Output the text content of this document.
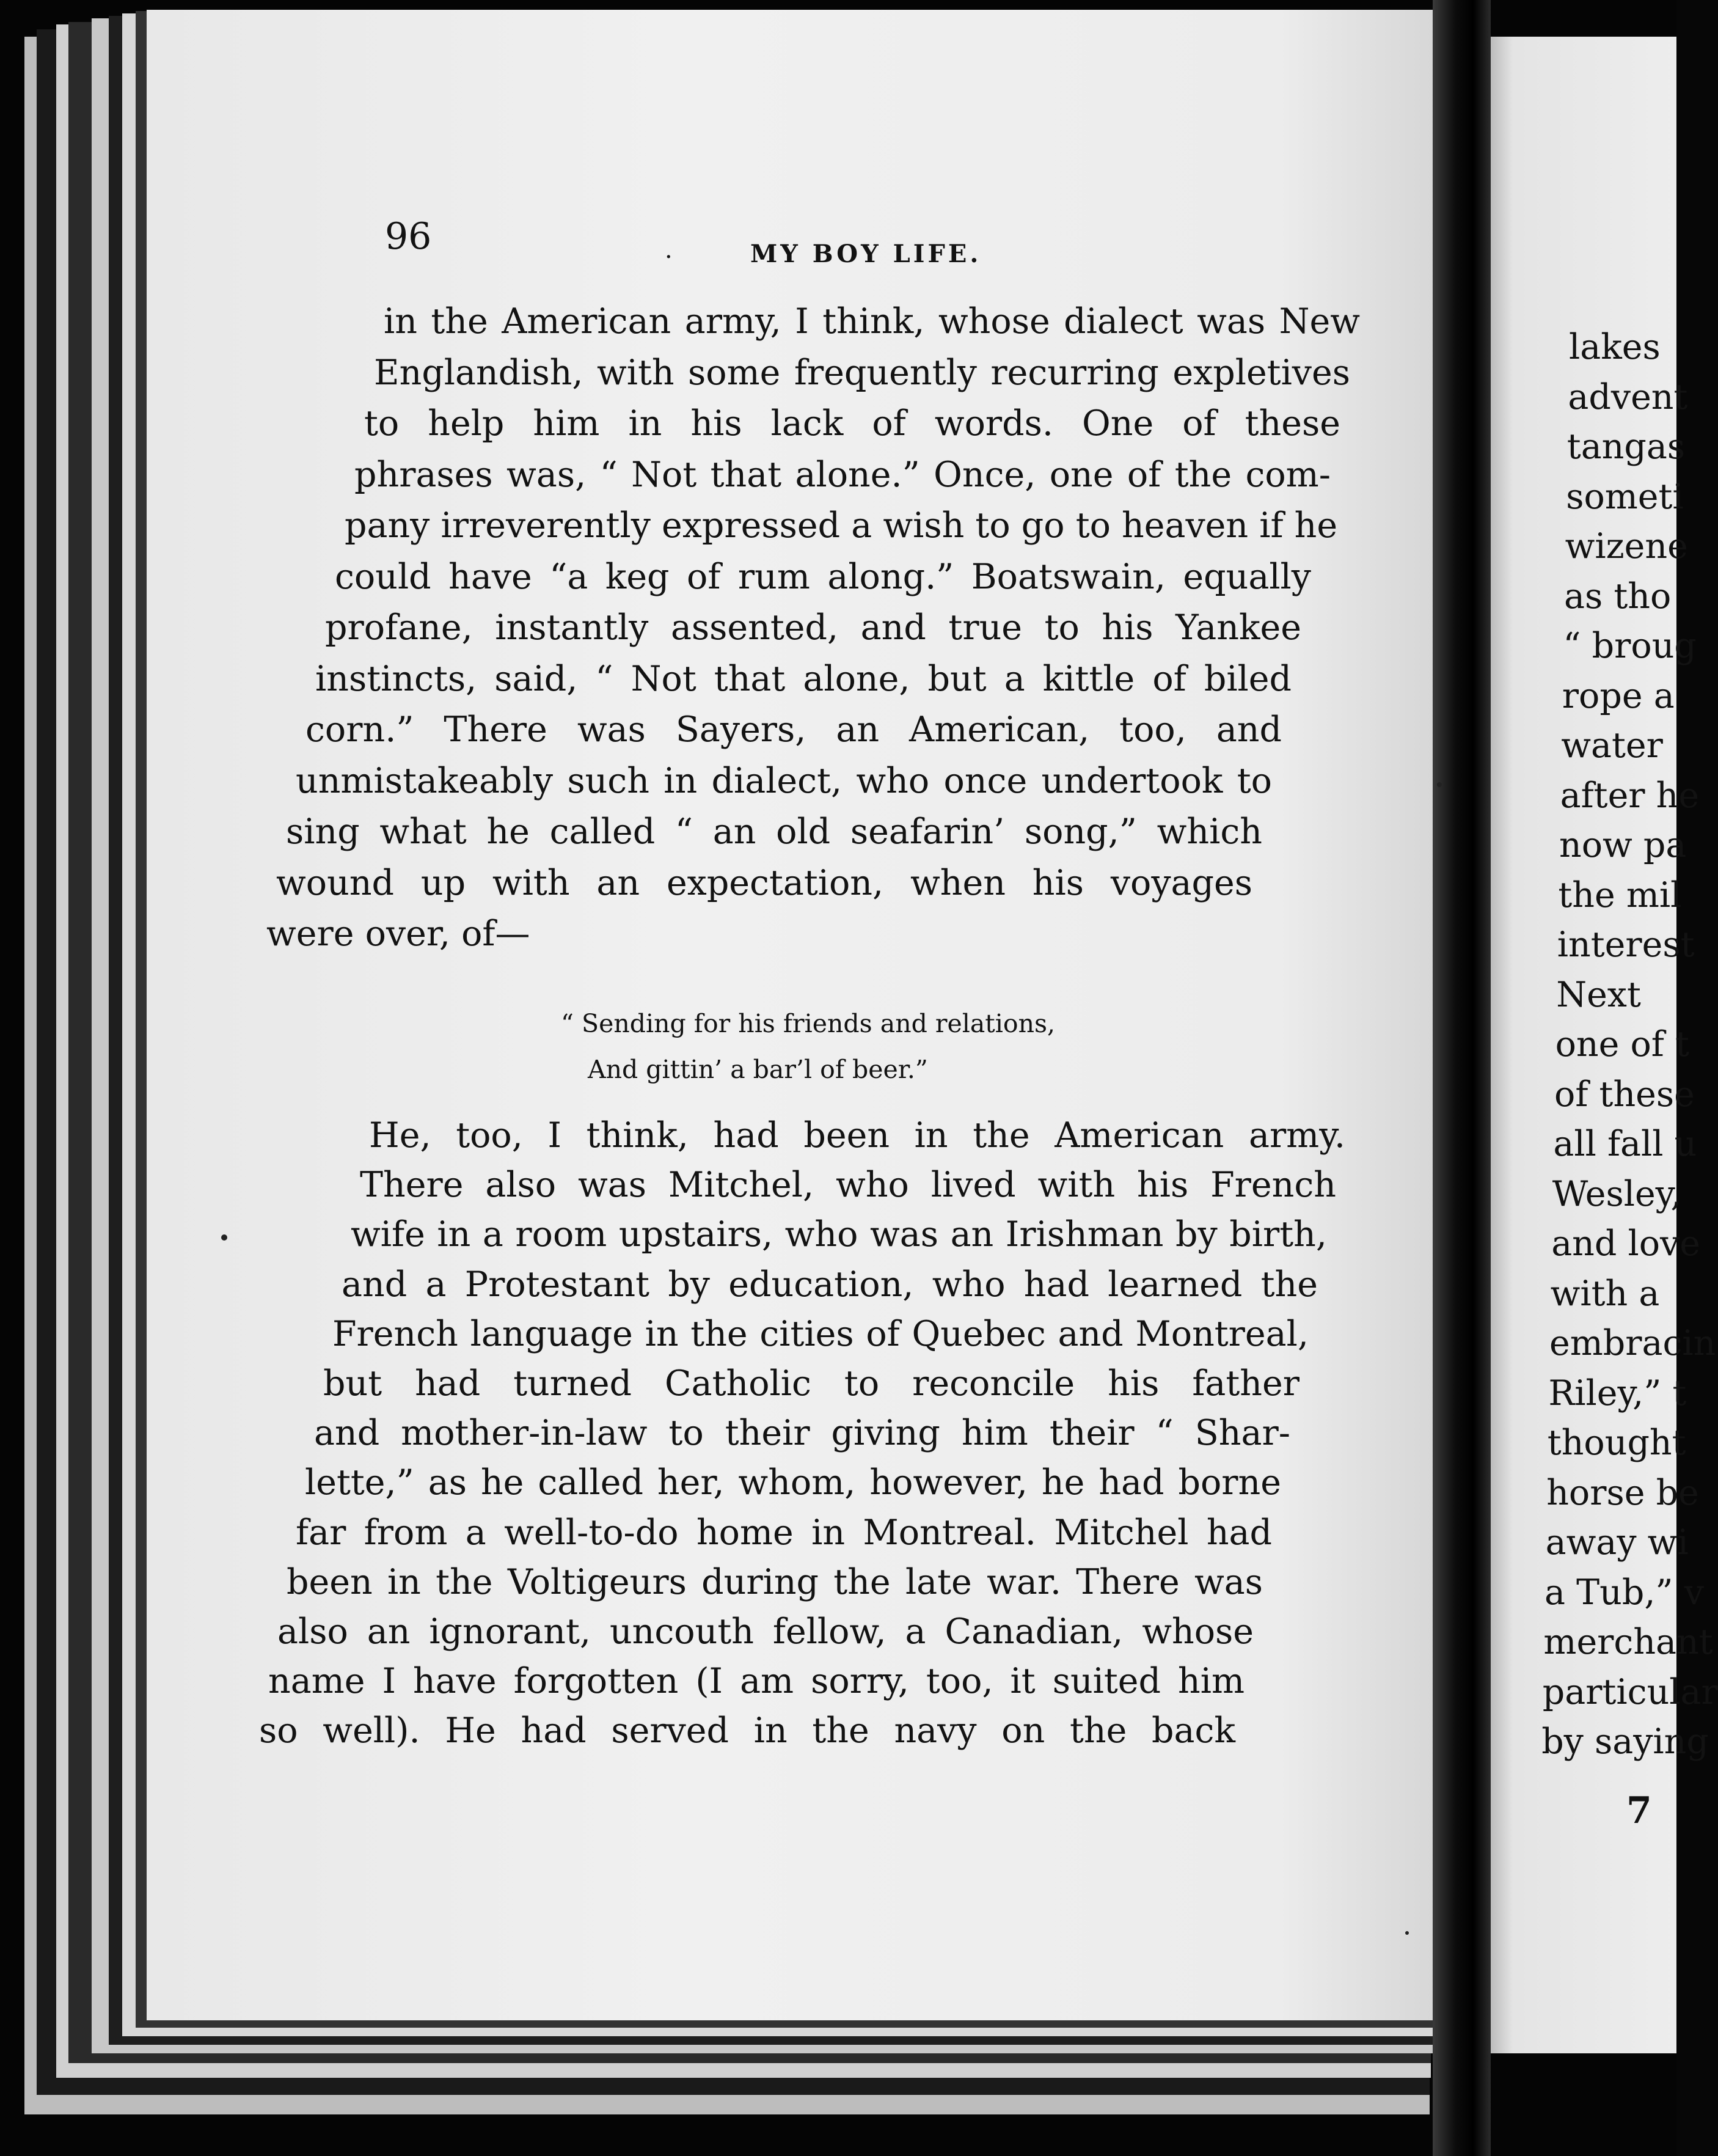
96	·	MY BOY LIFE.
in the American army, I think, whose dialect was New
Englandish, with some frequently recurring expletives
to help him in his lack of words. One of these
phrases was, “ Not that alone.” Once, one of the com-
pany irreverently expressed a wish to go to heaven if he
could have “a keg of rum along.” Boatswain, equally
profane, instantly assented, and true to his Yankee
instincts, said, “ Not that alone, but a kittle of biled
corn.” There was Sayers, an American, too, and
unmistakeably such in dialect, who once undertook to
sing what he called “ an old seafarin’ song,” which
wound up with an expectation, when his voyages
were over, of—
“ Sending for his friends and relations,
And gittin’ a bar’l of beer.”
He, too, I think, had been in the American army.
There also was Mitchel, who lived with his French
wife in a room upstairs, who was an Irishman by birth,
and a Protestant by education, who had learned the
French language in the cities of Quebec and Montreal,
but had turned Catholic to reconcile his father
and mother-in-law to their giving him their “ Shar-
lette,” as he called her, whom, however, he had borne
far from a well-to-do home in Montreal. Mitchel had
been in the Voltigeurs during the late war. There was
also an ignorant, uncouth fellow, a Canadian, whose
name I have forgotten (I am sorry, too, it suited him
so well). He had served in the navy on the back
lakes
advent
tangas
someti
wizene
as tho
“ broug
rope a
water
after he
now pa
the mil
interest
Next
one of t
of these
all fall u
Wesley,
and love
with a
embracin
Riley,” t
thought
horse be
away wi
a Tub,” v
merchant
particular
by saying
7
